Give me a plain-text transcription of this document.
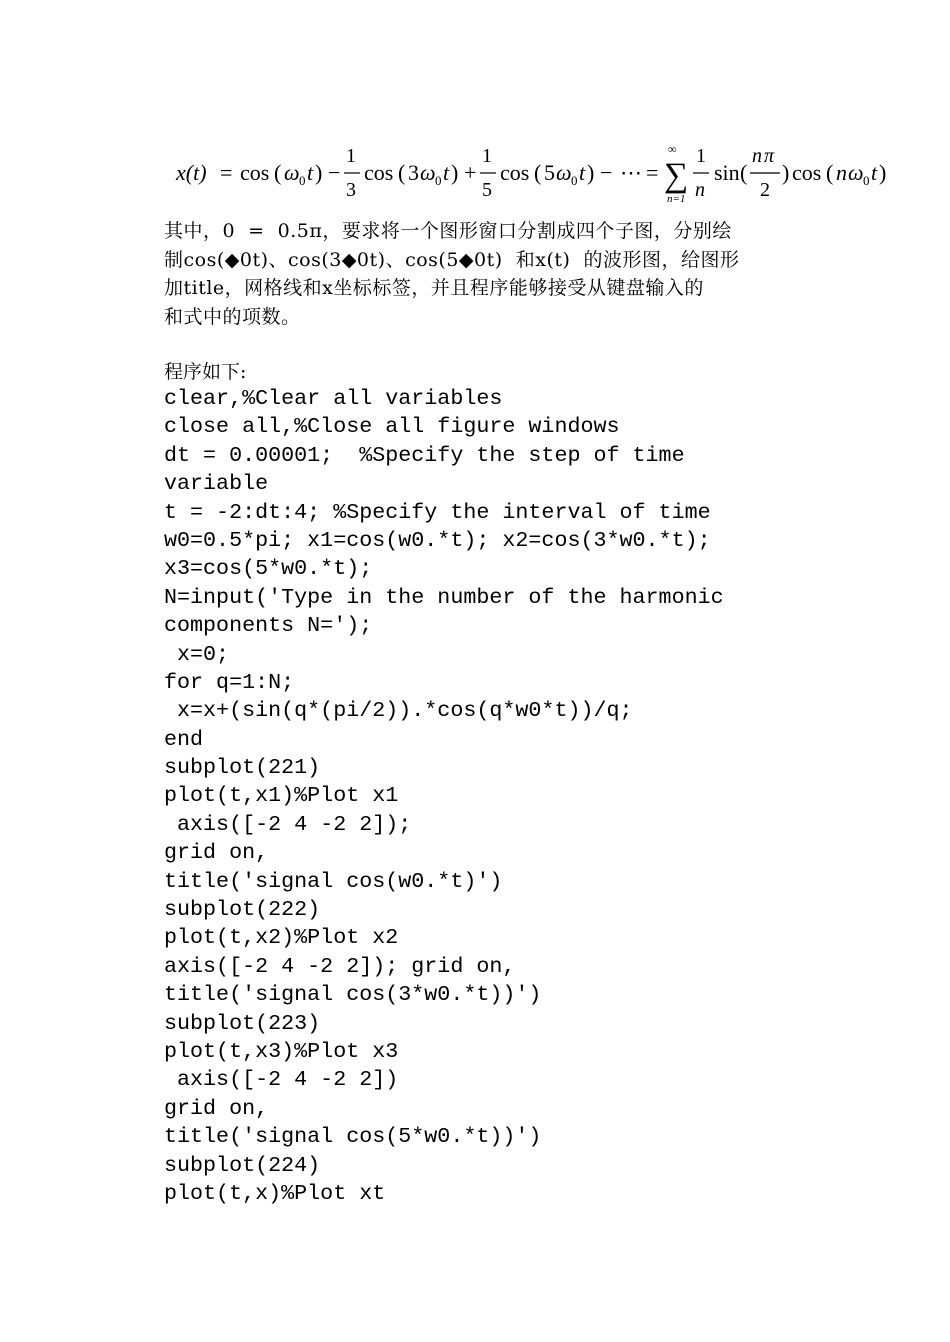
x(t) = cos ( ω 0 t ) −
1
3
cos ( 3 ω 0 t ) +
1
5
cos ( 5 ω 0 t ) − ⋯ =
∞
∑
n=1
1
n
sin (
n π
2
) cos ( n ω 0 t )
其中，0  =  0.5π，要求将一个图形窗口分割成四个子图，分别绘
制cos(◆0t)、cos(3◆0t)、cos(5◆0t)  和x(t)  的波形图，给图形
加title，网格线和x坐标标签，并且程序能够接受从键盘输入的
和式中的项数。
程序如下:
clear,%Clear all variables
close all,%Close all figure windows
dt = 0.00001;  %Specify the step of time
variable
t = -2:dt:4; %Specify the interval of time
w0=0.5*pi; x1=cos(w0.*t); x2=cos(3*w0.*t);
x3=cos(5*w0.*t);
N=input('Type in the number of the harmonic
components N=');
x=0;
for q=1:N;
x=x+(sin(q*(pi/2)).*cos(q*w0*t))/q;
end
subplot(221)
plot(t,x1)%Plot x1
axis([-2 4 -2 2]);
grid on,
title('signal cos(w0.*t)')
subplot(222)
plot(t,x2)%Plot x2
axis([-2 4 -2 2]); grid on,
title('signal cos(3*w0.*t))')
subplot(223)
plot(t,x3)%Plot x3
axis([-2 4 -2 2])
grid on,
title('signal cos(5*w0.*t))')
subplot(224)
plot(t,x)%Plot xt
